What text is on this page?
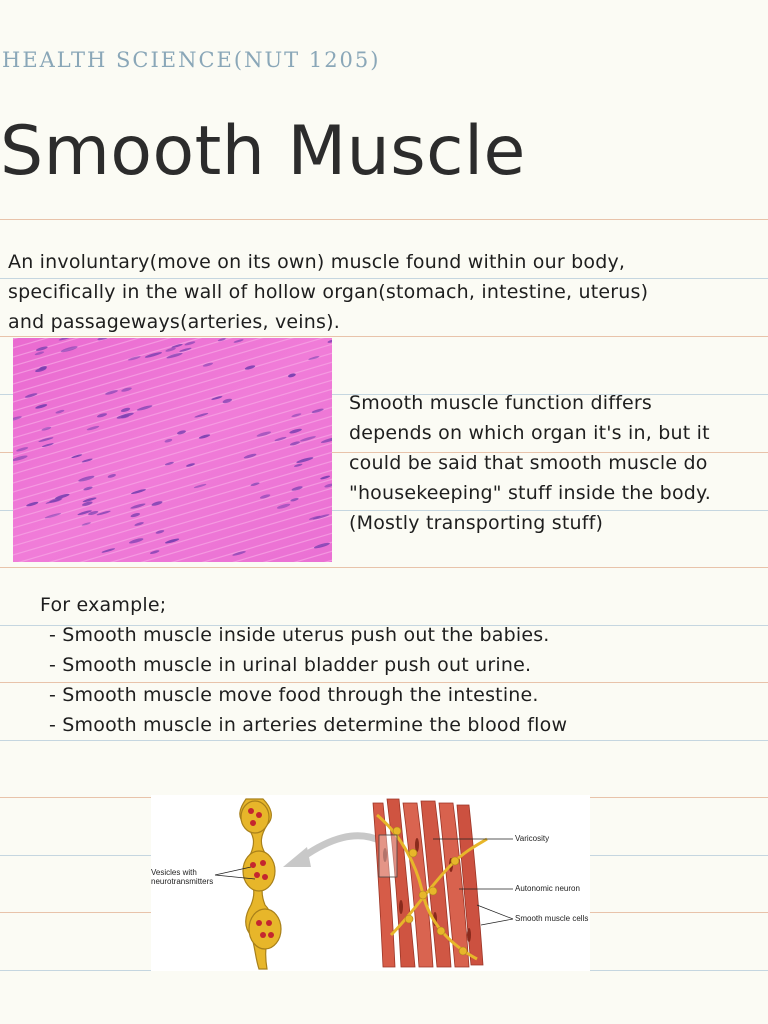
HEALTH SCIENCE(NUT 1205)
Smooth Muscle
An involuntary(move on its own) muscle found within our body,
specifically in the wall of hollow organ(stomach, intestine, uterus)
and passageways(arteries, veins).
Smooth muscle function differs
depends on which organ it's in, but it
could be said that smooth muscle do
"housekeeping" stuff inside the body.
(Mostly transporting stuff)
For example;
- Smooth muscle inside uterus push out the babies.
- Smooth muscle in urinal bladder push out urine.
- Smooth muscle move food through the intestine.
- Smooth muscle in arteries determine the blood flow
Vesicles with
neurotransmitters
Varicosity
Autonomic neuron
Smooth muscle cells
